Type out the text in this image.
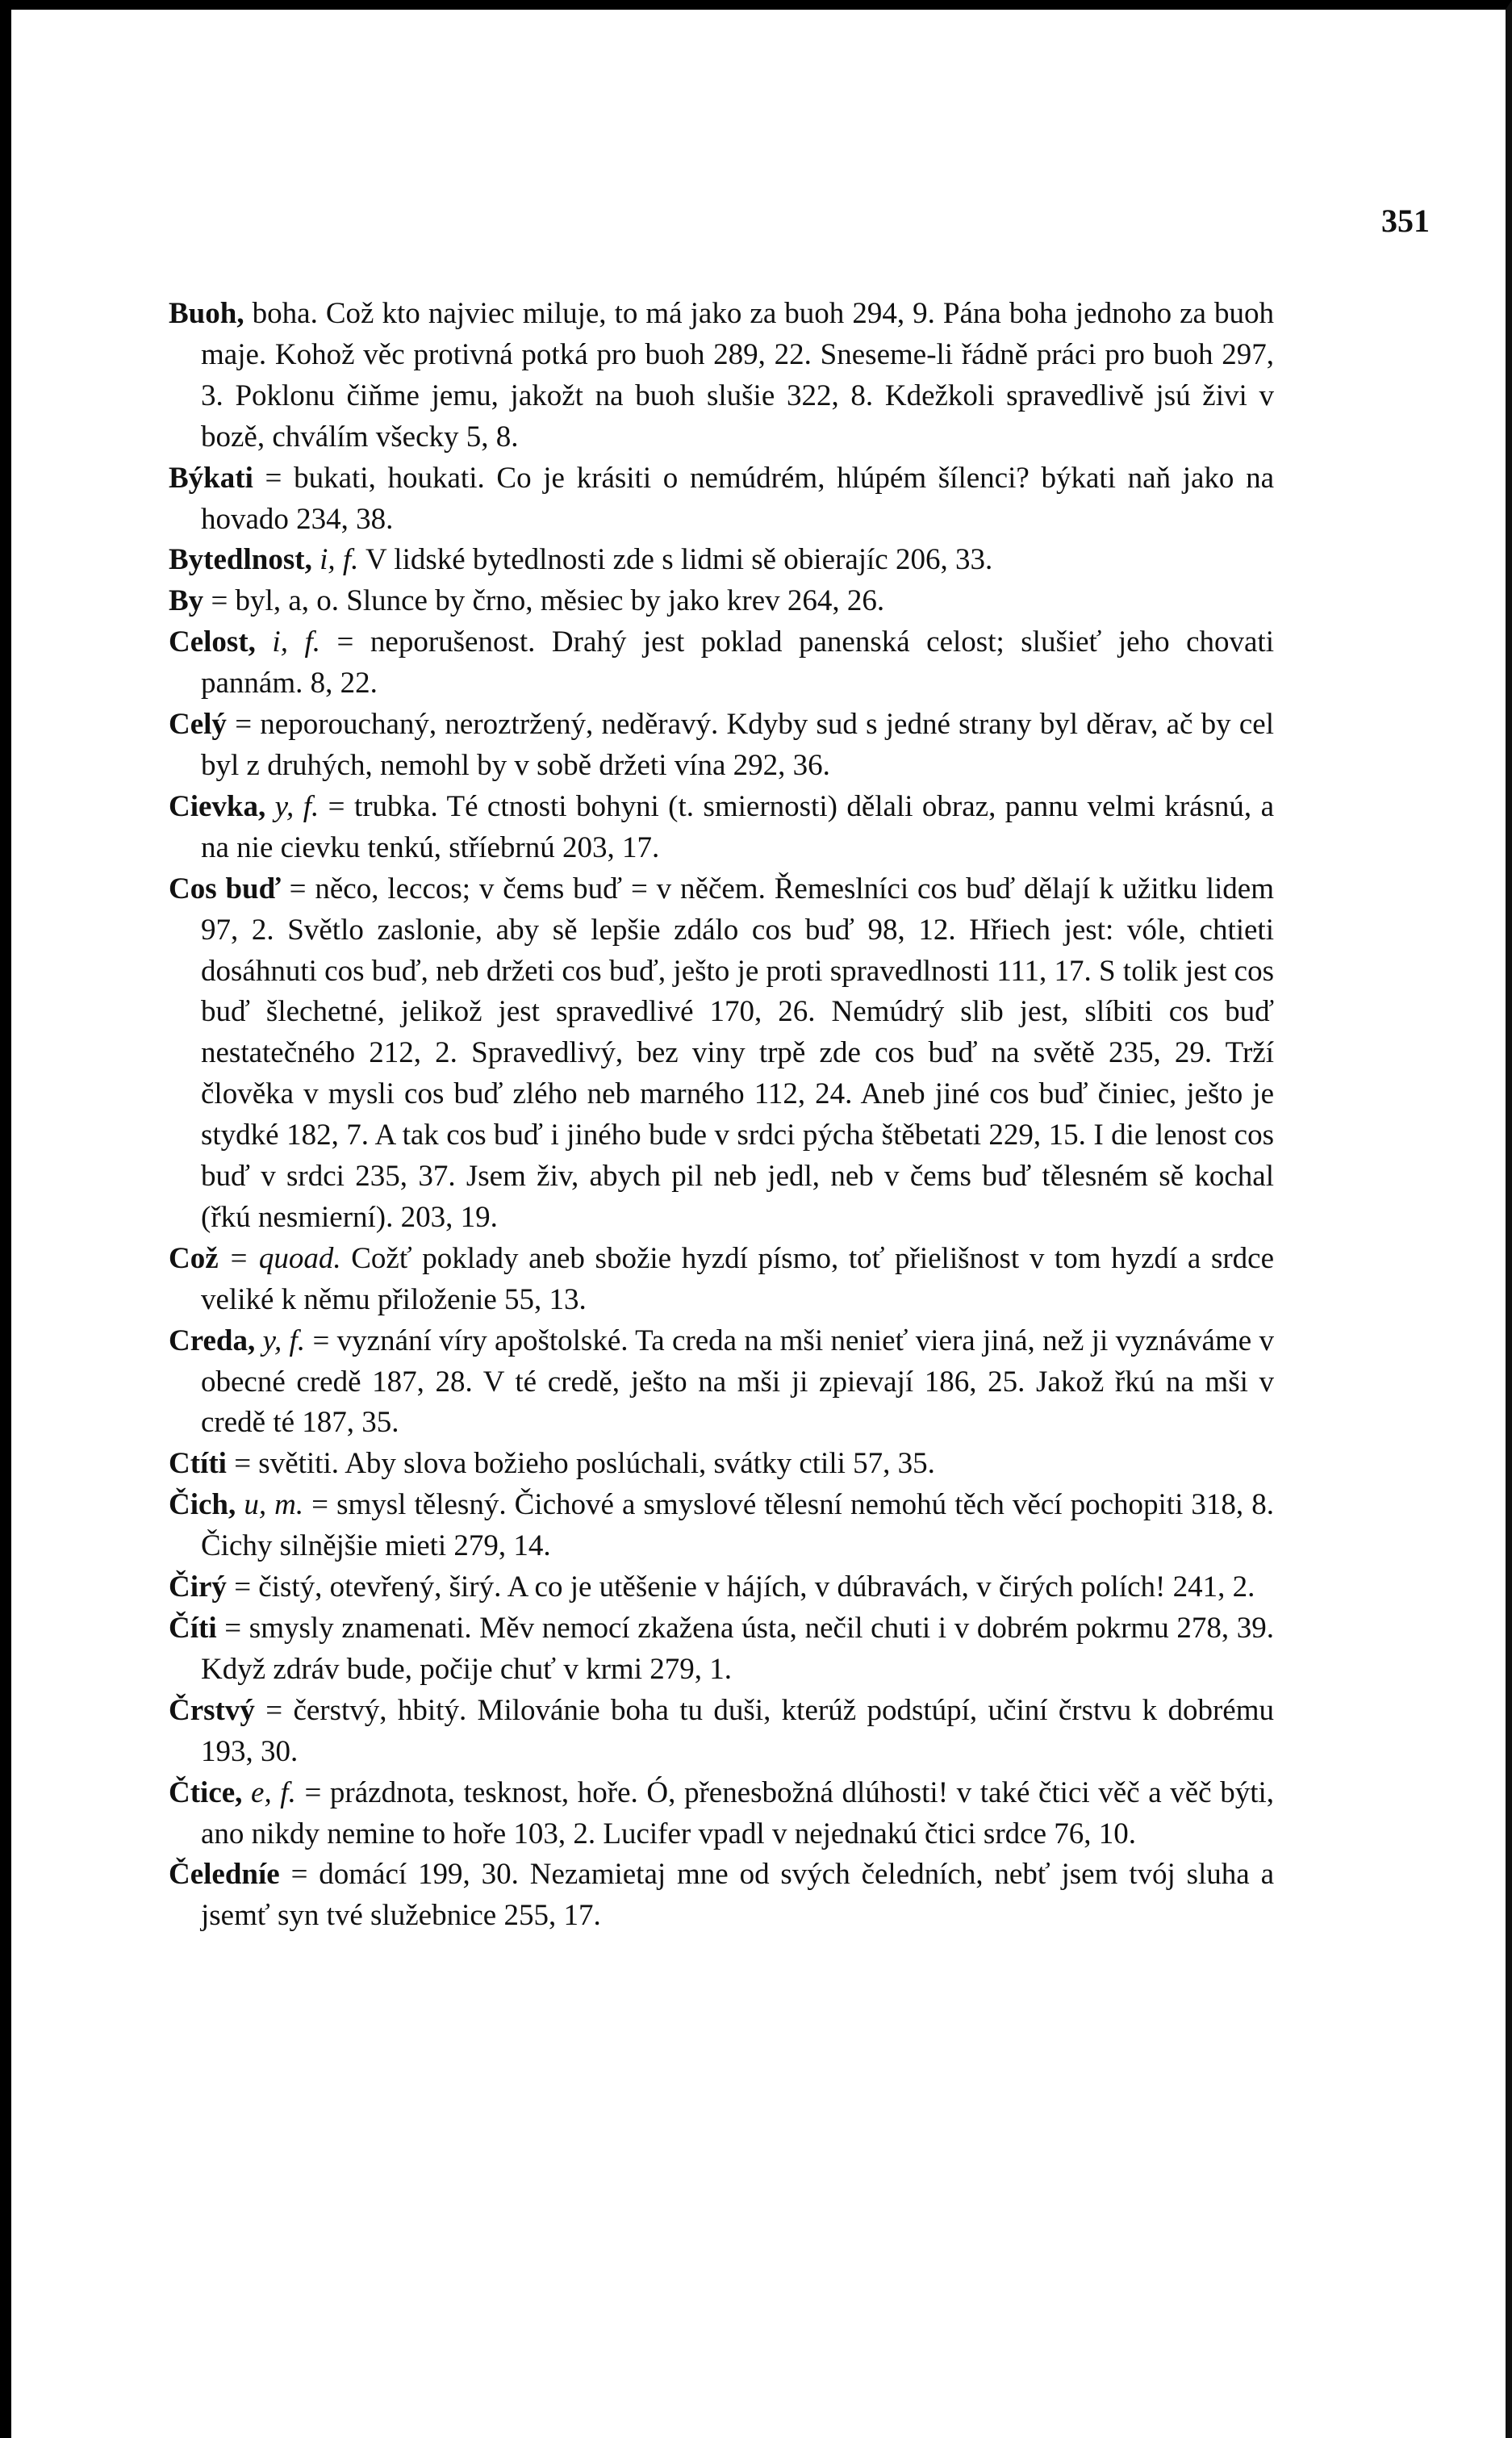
351
Buoh, boha. Což kto najviec miluje, to má jako za buoh 294, 9. Pána boha jednoho za buoh maje. Kohož věc protivná potká pro buoh 289, 22. Sneseme-li řádně práci pro buoh 297, 3. Poklonu čiňme jemu, jakožt na buoh slušie 322, 8. Kdežkoli spravedlivě jsú živi v bozě, chválím všecky 5, 8.
Býkati = bukati, houkati. Co je krásiti o nemúdrém, hlúpém šílenci? býkati naň jako na hovado 234, 38.
Bytedlnost, i, f. V lidské bytedlnosti zde s lidmi sě obierajíc 206, 33.
By = byl, a, o. Slunce by črno, měsiec by jako krev 264, 26.
Celost, i, f. = neporušenost. Drahý jest poklad panenská celost; slušieť jeho chovati pannám. 8, 22.
Celý = neporouchaný, neroztržený, neděravý. Kdyby sud s jedné strany byl děrav, ač by cel byl z druhých, nemohl by v sobě držeti vína 292, 36.
Cievka, y, f. = trubka. Té ctnosti bohyni (t. smiernosti) dělali obraz, pannu velmi krásnú, a na nie cievku tenkú, stříebrnú 203, 17.
Cos buď = něco, leccos; v čems buď = v něčem. Řemeslníci cos buď dělají k užitku lidem 97, 2. Světlo zaslonie, aby sě lepšie zdálo cos buď 98, 12. Hřiech jest: vóle, chtieti dosáhnuti cos buď, neb držeti cos buď, ješto je proti spravedlnosti 111, 17. S tolik jest cos buď šlechetné, jelikož jest spravedlivé 170, 26. Nemúdrý slib jest, slíbiti cos buď nestatečného 212, 2. Spravedlivý, bez viny trpě zde cos buď na světě 235, 29. Trží člověka v mysli cos buď zlého neb marného 112, 24. Aneb jiné cos buď činiec, ješto je stydké 182, 7. A tak cos buď i jiného bude v srdci pýcha štěbetati 229, 15. I die lenost cos buď v srdci 235, 37. Jsem živ, abych pil neb jedl, neb v čems buď tělesném sě kochal (řkú nesmierní). 203, 19.
Což = quoad. Cožť poklady aneb sbožie hyzdí písmo, toť přielišnost v tom hyzdí a srdce veliké k němu přiloženie 55, 13.
Creda, y, f. = vyznání víry apoštolské. Ta creda na mši nenieť viera jiná, než ji vyznáváme v obecné credě 187, 28. V té credě, ješto na mši ji zpievají 186, 25. Jakož řkú na mši v credě té 187, 35.
Ctíti = světiti. Aby slova božieho poslúchali, svátky ctili 57, 35.
Čich, u, m. = smysl tělesný. Čichové a smyslové tělesní nemohú těch věcí pochopiti 318, 8. Čichy silnějšie mieti 279, 14.
Čirý = čistý, otevřený, širý. A co je utěšenie v hájích, v dúbravách, v čirých polích! 241, 2.
Číti = smysly znamenati. Měv nemocí zkažena ústa, nečil chuti i v dobrém pokrmu 278, 39. Když zdráv bude, počije chuť v krmi 279, 1.
Črstvý = čerstvý, hbitý. Milovánie boha tu duši, kterúž podstúpí, učiní črstvu k dobrému 193, 30.
Čtice, e, f. = prázdnota, tesknost, hoře. Ó, přenesbožná dlúhosti! v také čtici věč a věč býti, ano nikdy nemine to hoře 103, 2. Lucifer vpadl v nejednakú čtici srdce 76, 10.
Čeledníe = domácí 199, 30. Nezamietaj mne od svých čeledních, nebť jsem tvój sluha a jsemť syn tvé služebnice 255, 17.
